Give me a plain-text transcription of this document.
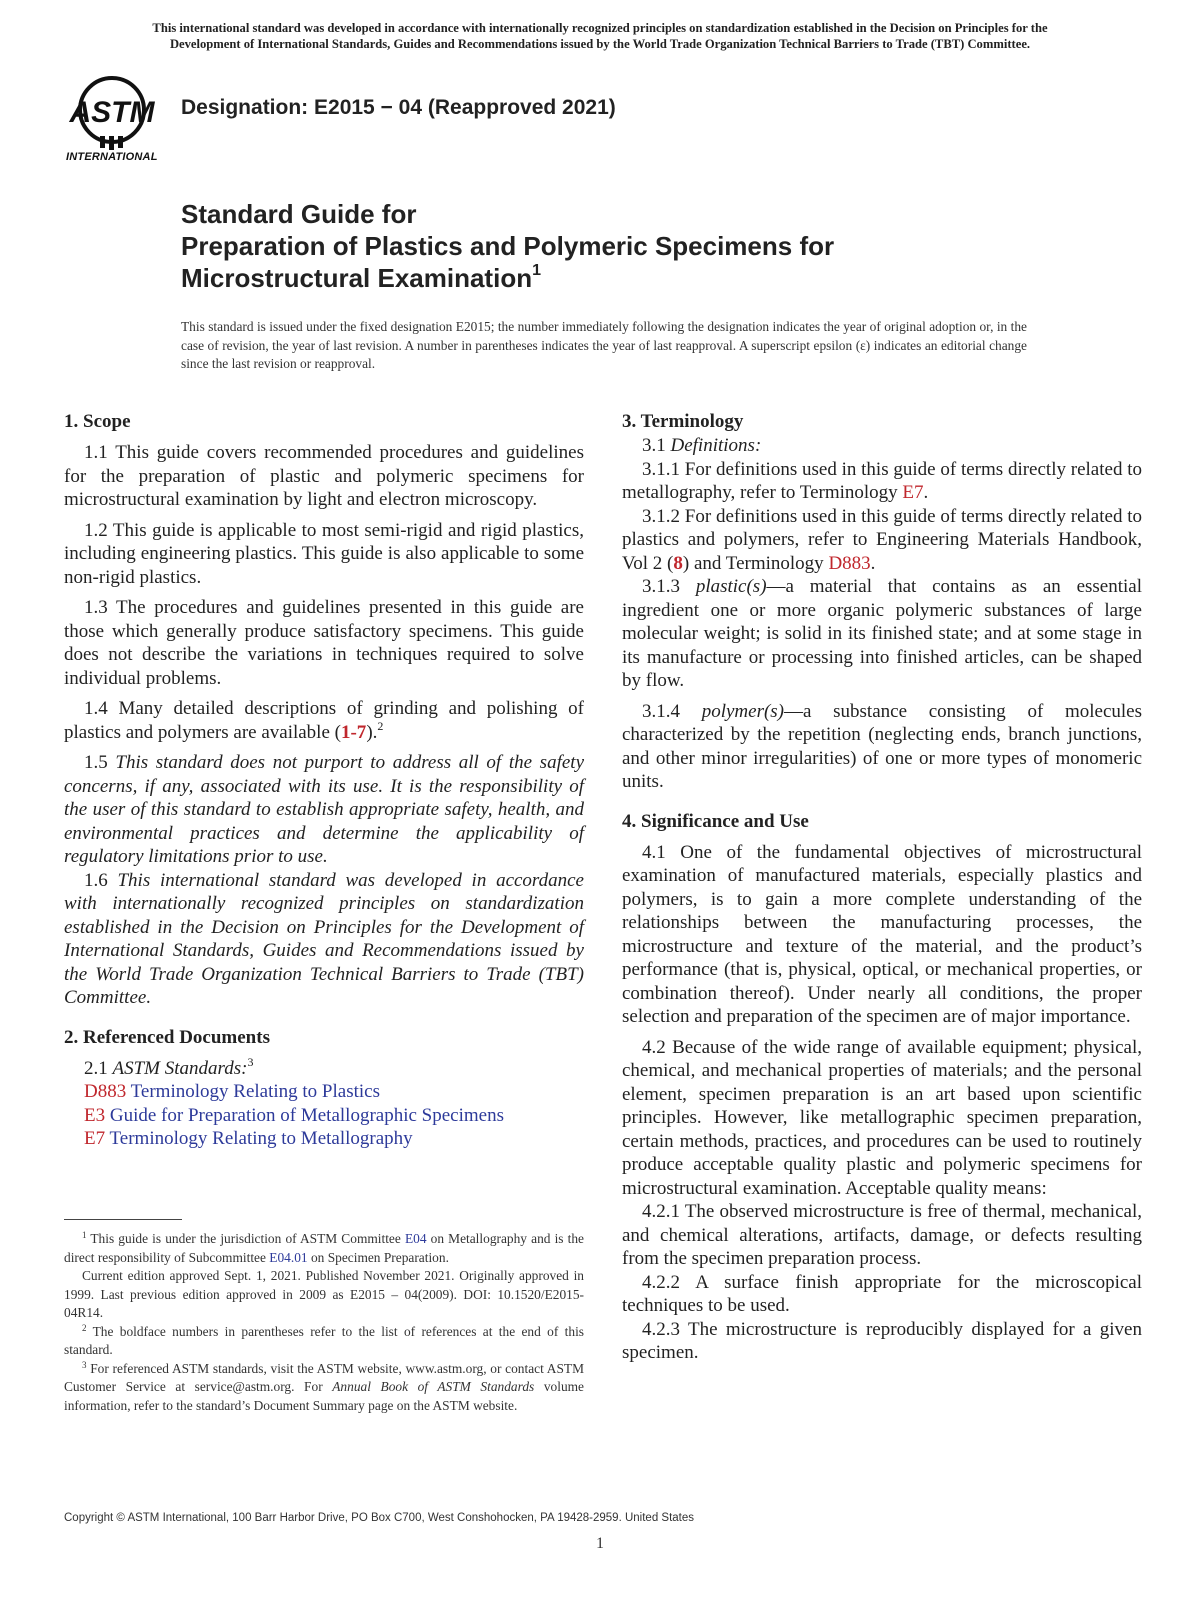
This international standard was developed in accordance with internationally recognized principles on standardization established in the Decision on Principles for the
Development of International Standards, Guides and Recommendations issued by the World Trade Organization Technical Barriers to Trade (TBT) Committee.
ASTM
INTERNATIONAL
Designation: E2015 − 04 (Reapproved 2021)
Standard Guide for
Preparation of Plastics and Polymeric Specimens for
Microstructural Examination$^1$
This standard is issued under the fixed designation E2015; the number immediately following the designation indicates the year of original adoption or, in the case of revision, the year of last revision. A number in parentheses indicates the year of last reapproval. A superscript epsilon (ε) indicates an editorial change since the last revision or reapproval.
1. Scope

1.1 This guide covers recommended procedures and guidelines for the preparation of plastic and polymeric specimens for microstructural examination by light and electron microscopy.

1.2 This guide is applicable to most semi-rigid and rigid plastics, including engineering plastics. This guide is also applicable to some non-rigid plastics.

1.3 The procedures and guidelines presented in this guide are those which generally produce satisfactory specimens. This guide does not describe the variations in techniques required to solve individual problems.

1.4 Many detailed descriptions of grinding and polishing of plastics and polymers are available (1-7).$^2$

1.5 This standard does not purport to address all of the safety concerns, if any, associated with its use. It is the responsibility of the user of this standard to establish appropriate safety, health, and environmental practices and determine the applicability of regulatory limitations prior to use.

1.6 This international standard was developed in accordance with internationally recognized principles on standardization established in the Decision on Principles for the Development of International Standards, Guides and Recommendations issued by the World Trade Organization Technical Barriers to Trade (TBT) Committee.

2. Referenced Documents

2.1 ASTM Standards:$^3$

D883 Terminology Relating to Plastics

E3 Guide for Preparation of Metallographic Specimens

E7 Terminology Relating to Metallography

$^1$ This guide is under the jurisdiction of ASTM Committee E04 on Metallography and is the direct responsibility of Subcommittee E04.01 on Specimen Preparation.

Current edition approved Sept. 1, 2021. Published November 2021. Originally approved in 1999. Last previous edition approved in 2009 as E2015 – 04(2009). DOI: 10.1520/E2015-04R14.

$^2$ The boldface numbers in parentheses refer to the list of references at the end of this standard.

$^3$ For referenced ASTM standards, visit the ASTM website, www.astm.org, or contact ASTM Customer Service at service@astm.org. For Annual Book of ASTM Standards volume information, refer to the standard’s Document Summary page on the ASTM website.

3. Terminology

3.1 Definitions:

3.1.1 For definitions used in this guide of terms directly related to metallography, refer to Terminology E7.

3.1.2 For definitions used in this guide of terms directly related to plastics and polymers, refer to Engineering Materials Handbook, Vol 2 (8) and Terminology D883.

3.1.3 plastic(s)—a material that contains as an essential ingredient one or more organic polymeric substances of large molecular weight; is solid in its finished state; and at some stage in its manufacture or processing into finished articles, can be shaped by flow.

3.1.4 polymer(s)—a substance consisting of molecules characterized by the repetition (neglecting ends, branch junctions, and other minor irregularities) of one or more types of monomeric units.

4. Significance and Use

4.1 One of the fundamental objectives of microstructural examination of manufactured materials, especially plastics and polymers, is to gain a more complete understanding of the relationships between the manufacturing processes, the microstructure and texture of the material, and the product’s performance (that is, physical, optical, or mechanical properties, or combination thereof). Under nearly all conditions, the proper selection and preparation of the specimen are of major importance.

4.2 Because of the wide range of available equipment; physical, chemical, and mechanical properties of materials; and the personal element, specimen preparation is an art based upon scientific principles. However, like metallographic specimen preparation, certain methods, practices, and procedures can be used to routinely produce acceptable quality plastic and polymeric specimens for microstructural examination. Acceptable quality means:

4.2.1 The observed microstructure is free of thermal, mechanical, and chemical alterations, artifacts, damage, or defects resulting from the specimen preparation process.

4.2.2 A surface finish appropriate for the microscopical techniques to be used.

4.2.3 The microstructure is reproducibly displayed for a given specimen.

Copyright © ASTM International, 100 Barr Harbor Drive, PO Box C700, West Conshohocken, PA 19428-2959. United States
1
